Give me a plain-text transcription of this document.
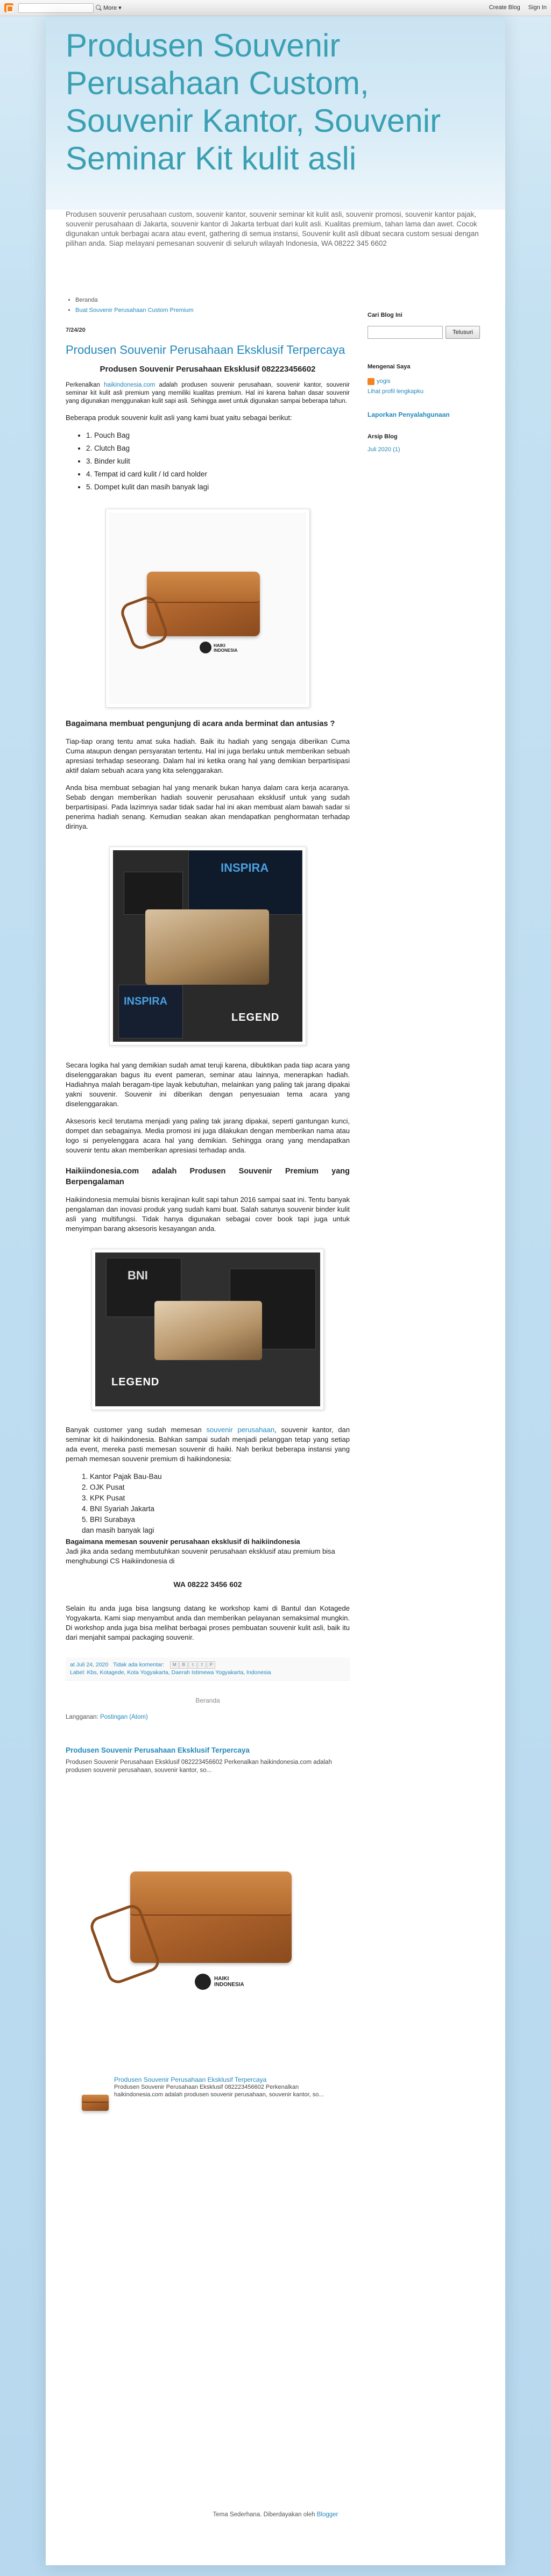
More ▾	Create Blog Sign In
Produsen Souvenir Perusahaan Custom, Souvenir Kantor, Souvenir Seminar Kit kulit asli
Produsen souvenir perusahaan custom, souvenir kantor, souvenir seminar kit kulit asli, souvenir promosi, souvenir kantor pajak, souvenir perusahaan di Jakarta, souvenir kantor di Jakarta terbuat dari kulit asli. Kualitas premium, tahan lama dan awet. Cocok digunakan untuk berbagai acara atau event, gathering di semua instansi, Souvenir kulit asli dibuat secara custom sesuai dengan pilihan anda. Siap melayani pemesanan souvenir di seluruh wilayah Indonesia, WA 08222 345 6602
• Beranda
• Buat Souvenir Perusahaan Custom Premium
7/24/20
Produsen Souvenir Perusahaan Eksklusif Terpercaya
Produsen Souvenir Perusahaan Eksklusif 082223456602

Perkenalkan haikindonesia.com adalah produsen souvenir perusahaan, souvenir kantor, souvenir seminar kit kulit asli premium yang memiliki kualitas premium. Hal ini karena bahan dasar souvenir yang digunakan menggunakan kulit sapi asli. Sehingga awet untuk digunakan sampai beberapa tahun.

Beberapa produk souvenir kulit asli yang kami buat yaitu sebagai berikut:

• 1. Pouch Bag
• 2. Clutch Bag
• 3. Binder kulit
• 4. Tempat id card kulit / Id card holder
• 5. Dompet kulit dan masih banyak lagi
HAIKI
INDONESIA
Bagaimana membuat pengunjung di acara anda berminat dan antusias ?

Tiap-tiap orang tentu amat suka hadiah. Baik itu hadiah yang sengaja diberikan Cuma Cuma ataupun dengan persyaratan tertentu. Hal ini juga berlaku untuk memberikan sebuah apresiasi terhadap seseorang. Dalam hal ini ketika orang hal yang demikian berpartisipasi aktif dalam sebuah acara yang kita selenggarakan.

Anda bisa membuat sebagian hal yang menarik bukan hanya dalam cara kerja acaranya. Sebab dengan memberikan hadiah souvenir perusahaan eksklusif untuk yang sudah berpartisipasi. Pada lazimnya sadar tidak sadar hal ini akan membuat alam bawah sadar si penerima hadiah senang. Kemudian seakan akan mendapatkan penghormatan terhadap dirinya.

INSPIRA
INSPIRA
LEGEND

Secara logika hal yang demikian sudah amat teruji karena, dibuktikan pada tiap acara yang diselenggarakan bagus itu event pameran, seminar atau lainnya, menerapkan hadiah. Hadiahnya malah beragam-tipe layak kebutuhan, melainkan yang paling tak jarang dipakai yakni souvenir. Souvenir ini diberikan dengan penyesuaian tema acara yang diselenggarakan.

Aksesoris kecil terutama menjadi yang paling tak jarang dipakai, seperti gantungan kunci, dompet dan sebagainya. Media promosi ini juga dilakukan dengan memberikan nama atau logo si penyelenggara acara hal yang demikian. Sehingga orang yang mendapatkan souvenir tentu akan memberikan apresiasi terhadap anda.

Haikiindonesia.com adalah Produsen Souvenir Premium yang Berpengalaman

Haikiindonesia memulai bisnis kerajinan kulit sapi tahun 2016 sampai saat ini. Tentu banyak pengalaman dan inovasi produk yang sudah kami buat. Salah satunya souvenir binder kulit asli yang multifungsi. Tidak hanya digunakan sebagai cover book tapi juga untuk menyimpan barang aksesoris kesayangan anda.

BNI
LEGEND

Banyak customer yang sudah memesan souvenir perusahaan, souvenir kantor, dan seminar kit di haikindonesia. Bahkan sampai sudah menjadi pelanggan tetap yang setiap ada event, mereka pasti memesan souvenir di haiki. Nah berikut beberapa instansi yang pernah memesan souvenir premium di haikindonesia:

1. Kantor Pajak Bau-Bau
2. OJK Pusat
3. KPK Pusat
4. BNI Syariah Jakarta
5. BRI Surabaya
dan masih banyak lagi
Bagaimana memesan souvenir perusahaan eksklusif di haikiindonesia
Jadi jika anda sedang membutuhkan souvenir perusahaan eksklusif atau premium bisa menghubungi CS Haikiindonesia di
WA 08222 3456 602

Selain itu anda juga bisa langsung datang ke workshop kami di Bantul dan Kotagede Yogyakarta. Kami siap menyambut anda dan memberikan pelayanan semaksimal mungkin. Di workshop anda juga bisa melihat berbagai proses pembuatan souvenir kulit asli, baik itu dari menjahit sampai packaging souvenir.

at Juli 24, 2020 Tidak ada komentar: M B t f P
Label: Kbs, Kotagede, Kota Yogyakarta, Daerah Istimewa Yogyakarta, Indonesia
Beranda
Langganan: Postingan (Atom)
Produsen Souvenir Perusahaan Eksklusif Terpercaya
Produsen Souvenir Perusahaan Eksklusif 082223456602 Perkenalkan haikindonesia.com adalah produsen souvenir perusahaan, souvenir kantor, so...
HAIKI
INDONESIA
Produsen Souvenir Perusahaan Eksklusif Terpercaya
Produsen Souvenir Perusahaan Eksklusif 082223456602 Perkenalkan haikindonesia.com adalah produsen souvenir perusahaan, souvenir kantor, so...
Cari Blog Ini
Telusuri
Mengenai Saya
yogis
Lihat profil lengkapku
Laporkan Penyalahgunaan
Arsip Blog
Juli 2020 (1)
Tema Sederhana. Diberdayakan oleh Blogger
